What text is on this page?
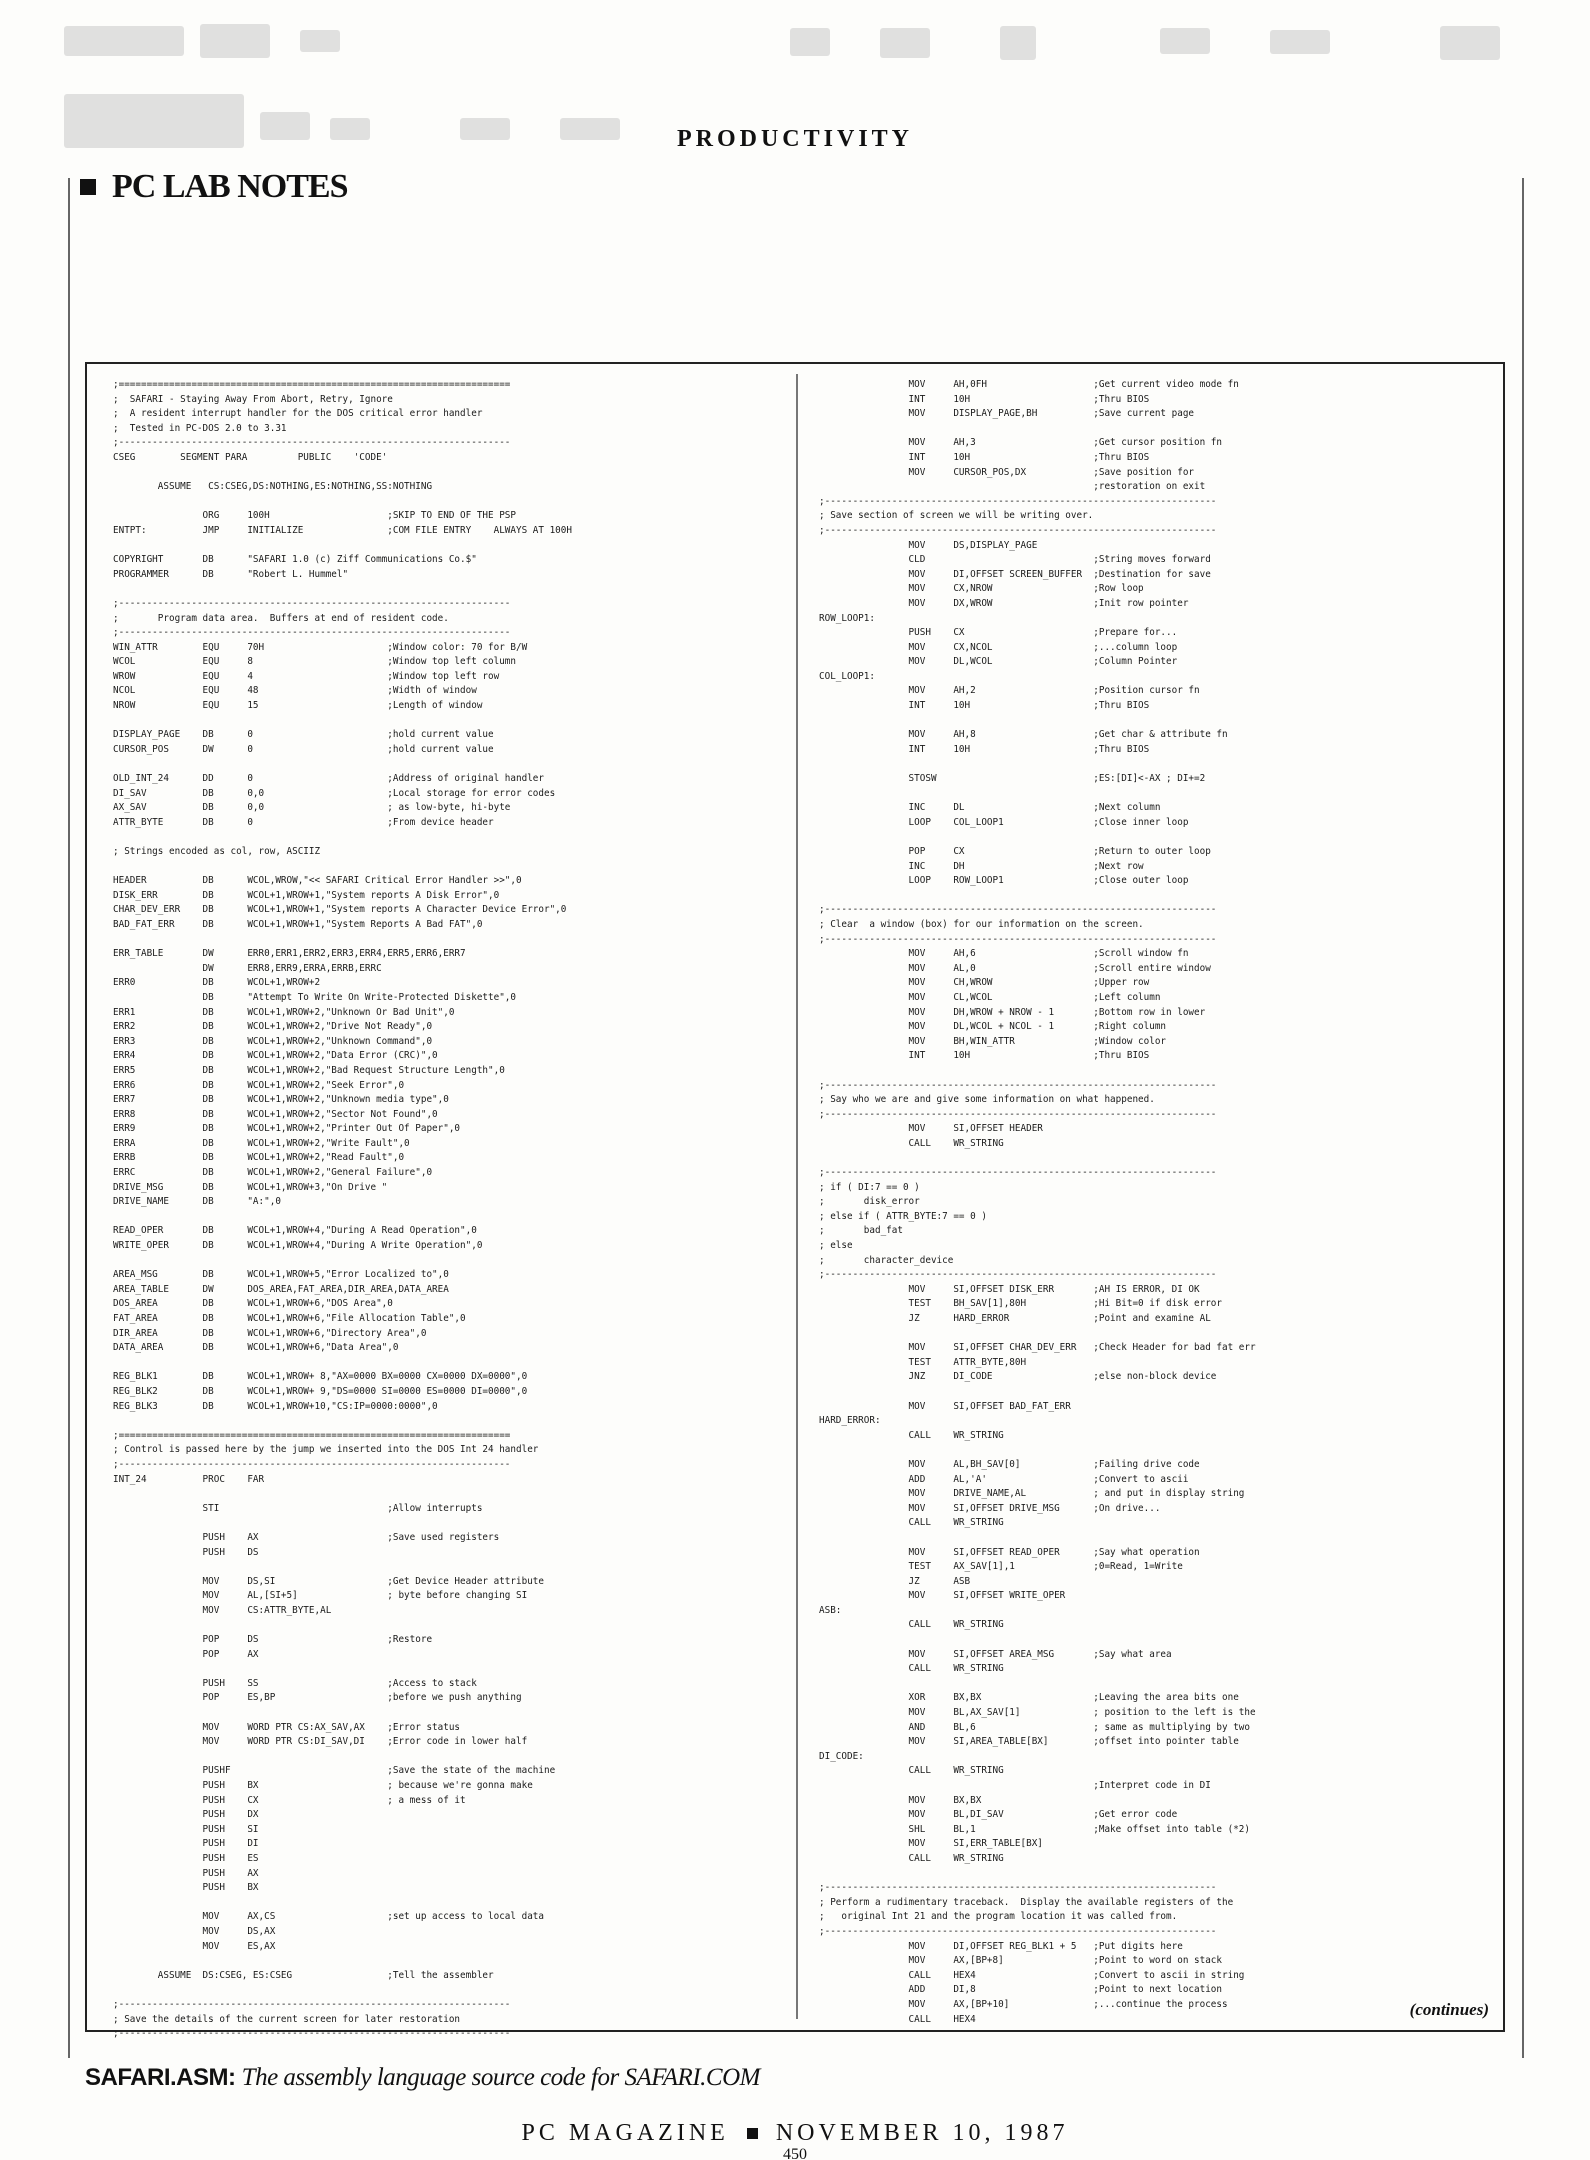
PRODUCTIVITY
PC LAB NOTES
;======================================================================
;  SAFARI - Staying Away From Abort, Retry, Ignore
;  A resident interrupt handler for the DOS critical error handler
;  Tested in PC-DOS 2.0 to 3.31
;----------------------------------------------------------------------
CSEG        SEGMENT PARA         PUBLIC    'CODE'

ASSUME   CS:CSEG,DS:NOTHING,ES:NOTHING,SS:NOTHING

ORG     100H                     ;SKIP TO END OF THE PSP
ENTPT:          JMP     INITIALIZE               ;COM FILE ENTRY    ALWAYS AT 100H

COPYRIGHT       DB      "SAFARI 1.0 (c) Ziff Communications Co.$"
PROGRAMMER      DB      "Robert L. Hummel"

;----------------------------------------------------------------------
;       Program data area.  Buffers at end of resident code.
;----------------------------------------------------------------------
WIN_ATTR        EQU     70H                      ;Window color: 70 for B/W
WCOL            EQU     8                        ;Window top left column
WROW            EQU     4                        ;Window top left row
NCOL            EQU     48                       ;Width of window
NROW            EQU     15                       ;Length of window

DISPLAY_PAGE    DB      0                        ;hold current value
CURSOR_POS      DW      0                        ;hold current value

OLD_INT_24      DD      0                        ;Address of original handler
DI_SAV          DB      0,0                      ;Local storage for error codes
AX_SAV          DB      0,0                      ; as low-byte, hi-byte
ATTR_BYTE       DB      0                        ;From device header

; Strings encoded as col, row, ASCIIZ

HEADER          DB      WCOL,WROW,"<< SAFARI Critical Error Handler >>",0
DISK_ERR        DB      WCOL+1,WROW+1,"System reports A Disk Error",0
CHAR_DEV_ERR    DB      WCOL+1,WROW+1,"System reports A Character Device Error",0
BAD_FAT_ERR     DB      WCOL+1,WROW+1,"System Reports A Bad FAT",0

ERR_TABLE       DW      ERR0,ERR1,ERR2,ERR3,ERR4,ERR5,ERR6,ERR7
DW      ERR8,ERR9,ERRA,ERRB,ERRC
ERR0            DB      WCOL+1,WROW+2
DB      "Attempt To Write On Write-Protected Diskette",0
ERR1            DB      WCOL+1,WROW+2,"Unknown Or Bad Unit",0
ERR2            DB      WCOL+1,WROW+2,"Drive Not Ready",0
ERR3            DB      WCOL+1,WROW+2,"Unknown Command",0
ERR4            DB      WCOL+1,WROW+2,"Data Error (CRC)",0
ERR5            DB      WCOL+1,WROW+2,"Bad Request Structure Length",0
ERR6            DB      WCOL+1,WROW+2,"Seek Error",0
ERR7            DB      WCOL+1,WROW+2,"Unknown media type",0
ERR8            DB      WCOL+1,WROW+2,"Sector Not Found",0
ERR9            DB      WCOL+1,WROW+2,"Printer Out Of Paper",0
ERRA            DB      WCOL+1,WROW+2,"Write Fault",0
ERRB            DB      WCOL+1,WROW+2,"Read Fault",0
ERRC            DB      WCOL+1,WROW+2,"General Failure",0
DRIVE_MSG       DB      WCOL+1,WROW+3,"On Drive "
DRIVE_NAME      DB      "A:",0

READ_OPER       DB      WCOL+1,WROW+4,"During A Read Operation",0
WRITE_OPER      DB      WCOL+1,WROW+4,"During A Write Operation",0

AREA_MSG        DB      WCOL+1,WROW+5,"Error Localized to",0
AREA_TABLE      DW      DOS_AREA,FAT_AREA,DIR_AREA,DATA_AREA
DOS_AREA        DB      WCOL+1,WROW+6,"DOS Area",0
FAT_AREA        DB      WCOL+1,WROW+6,"File Allocation Table",0
DIR_AREA        DB      WCOL+1,WROW+6,"Directory Area",0
DATA_AREA       DB      WCOL+1,WROW+6,"Data Area",0

REG_BLK1        DB      WCOL+1,WROW+ 8,"AX=0000 BX=0000 CX=0000 DX=0000",0
REG_BLK2        DB      WCOL+1,WROW+ 9,"DS=0000 SI=0000 ES=0000 DI=0000",0
REG_BLK3        DB      WCOL+1,WROW+10,"CS:IP=0000:0000",0

;======================================================================
; Control is passed here by the jump we inserted into the DOS Int 24 handler
;----------------------------------------------------------------------
INT_24          PROC    FAR

STI                              ;Allow interrupts

PUSH    AX                       ;Save used registers
PUSH    DS

MOV     DS,SI                    ;Get Device Header attribute
MOV     AL,[SI+5]                ; byte before changing SI
MOV     CS:ATTR_BYTE,AL

POP     DS                       ;Restore
POP     AX

PUSH    SS                       ;Access to stack
POP     ES,BP                    ;before we push anything

MOV     WORD PTR CS:AX_SAV,AX    ;Error status
MOV     WORD PTR CS:DI_SAV,DI    ;Error code in lower half

PUSHF                            ;Save the state of the machine
PUSH    BX                       ; because we're gonna make
PUSH    CX                       ; a mess of it
PUSH    DX
PUSH    SI
PUSH    DI
PUSH    ES
PUSH    AX
PUSH    BX

MOV     AX,CS                    ;set up access to local data
MOV     DS,AX
MOV     ES,AX

ASSUME  DS:CSEG, ES:CSEG                 ;Tell the assembler

;----------------------------------------------------------------------
; Save the details of the current screen for later restoration
;----------------------------------------------------------------------
MOV     AH,0FH                   ;Get current video mode fn
INT     10H                      ;Thru BIOS
MOV     DISPLAY_PAGE,BH          ;Save current page

MOV     AH,3                     ;Get cursor position fn
INT     10H                      ;Thru BIOS
MOV     CURSOR_POS,DX            ;Save position for
;restoration on exit
;----------------------------------------------------------------------
; Save section of screen we will be writing over.
;----------------------------------------------------------------------
MOV     DS,DISPLAY_PAGE
CLD                              ;String moves forward
MOV     DI,OFFSET SCREEN_BUFFER  ;Destination for save
MOV     CX,NROW                  ;Row loop
MOV     DX,WROW                  ;Init row pointer
ROW_LOOP1:
PUSH    CX                       ;Prepare for...
MOV     CX,NCOL                  ;...column loop
MOV     DL,WCOL                  ;Column Pointer
COL_LOOP1:
MOV     AH,2                     ;Position cursor fn
INT     10H                      ;Thru BIOS

MOV     AH,8                     ;Get char & attribute fn
INT     10H                      ;Thru BIOS

STOSW                            ;ES:[DI]<-AX ; DI+=2

INC     DL                       ;Next column
LOOP    COL_LOOP1                ;Close inner loop

POP     CX                       ;Return to outer loop
INC     DH                       ;Next row
LOOP    ROW_LOOP1                ;Close outer loop

;----------------------------------------------------------------------
; Clear  a window (box) for our information on the screen.
;----------------------------------------------------------------------
MOV     AH,6                     ;Scroll window fn
MOV     AL,0                     ;Scroll entire window
MOV     CH,WROW                  ;Upper row
MOV     CL,WCOL                  ;Left column
MOV     DH,WROW + NROW - 1       ;Bottom row in lower
MOV     DL,WCOL + NCOL - 1       ;Right column
MOV     BH,WIN_ATTR              ;Window color
INT     10H                      ;Thru BIOS

;----------------------------------------------------------------------
; Say who we are and give some information on what happened.
;----------------------------------------------------------------------
MOV     SI,OFFSET HEADER
CALL    WR_STRING

;----------------------------------------------------------------------
; if ( DI:7 == 0 )
;       disk_error
; else if ( ATTR_BYTE:7 == 0 )
;       bad_fat
; else
;       character_device
;----------------------------------------------------------------------
MOV     SI,OFFSET DISK_ERR       ;AH IS ERROR, DI OK
TEST    BH_SAV[1],80H            ;Hi Bit=0 if disk error
JZ      HARD_ERROR               ;Point and examine AL

MOV     SI,OFFSET CHAR_DEV_ERR   ;Check Header for bad fat err
TEST    ATTR_BYTE,80H
JNZ     DI_CODE                  ;else non-block device

MOV     SI,OFFSET BAD_FAT_ERR
HARD_ERROR:
CALL    WR_STRING

MOV     AL,BH_SAV[0]             ;Failing drive code
ADD     AL,'A'                   ;Convert to ascii
MOV     DRIVE_NAME,AL            ; and put in display string
MOV     SI,OFFSET DRIVE_MSG      ;On drive...
CALL    WR_STRING

MOV     SI,OFFSET READ_OPER      ;Say what operation
TEST    AX_SAV[1],1              ;0=Read, 1=Write
JZ      ASB
MOV     SI,OFFSET WRITE_OPER
ASB:
CALL    WR_STRING

MOV     SI,OFFSET AREA_MSG       ;Say what area
CALL    WR_STRING

XOR     BX,BX                    ;Leaving the area bits one
MOV     BL,AX_SAV[1]             ; position to the left is the
AND     BL,6                     ; same as multiplying by two
MOV     SI,AREA_TABLE[BX]        ;offset into pointer table
DI_CODE:
CALL    WR_STRING
;Interpret code in DI
MOV     BX,BX
MOV     BL,DI_SAV                ;Get error code
SHL     BL,1                     ;Make offset into table (*2)
MOV     SI,ERR_TABLE[BX]
CALL    WR_STRING

;----------------------------------------------------------------------
; Perform a rudimentary traceback.  Display the available registers of the
;   original Int 21 and the program location it was called from.
;----------------------------------------------------------------------
MOV     DI,OFFSET REG_BLK1 + 5   ;Put digits here
MOV     AX,[BP+8]                ;Point to word on stack
CALL    HEX4                     ;Convert to ascii in string
ADD     DI,8                     ;Point to next location
MOV     AX,[BP+10]               ;...continue the process
CALL    HEX4	(continues)
SAFARI.ASM: The assembly language source code for SAFARI.COM
PC MAGAZINE NOVEMBER 10, 1987
450
